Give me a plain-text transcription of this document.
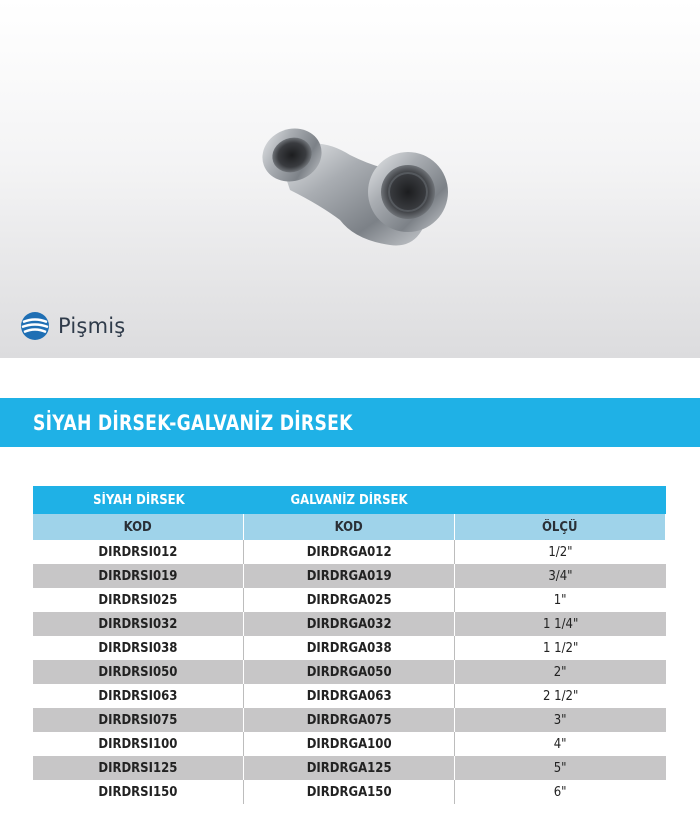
Pişmiş
SİYAH DİRSEK-GALVANİZ DİRSEK
SİYAH DİRSEK	GALVANİZ DİRSEK
KOD	KOD	ÖLÇÜ
DIRDRSI012	DIRDRGA012	1/2"
DIRDRSI019	DIRDRGA019	3/4"
DIRDRSI025	DIRDRGA025	1"
DIRDRSI032	DIRDRGA032	1 1/4"
DIRDRSI038	DIRDRGA038	1 1/2"
DIRDRSI050	DIRDRGA050	2"
DIRDRSI063	DIRDRGA063	2 1/2"
DIRDRSI075	DIRDRGA075	3"
DIRDRSI100	DIRDRGA100	4"
DIRDRSI125	DIRDRGA125	5"
DIRDRSI150	DIRDRGA150	6"
